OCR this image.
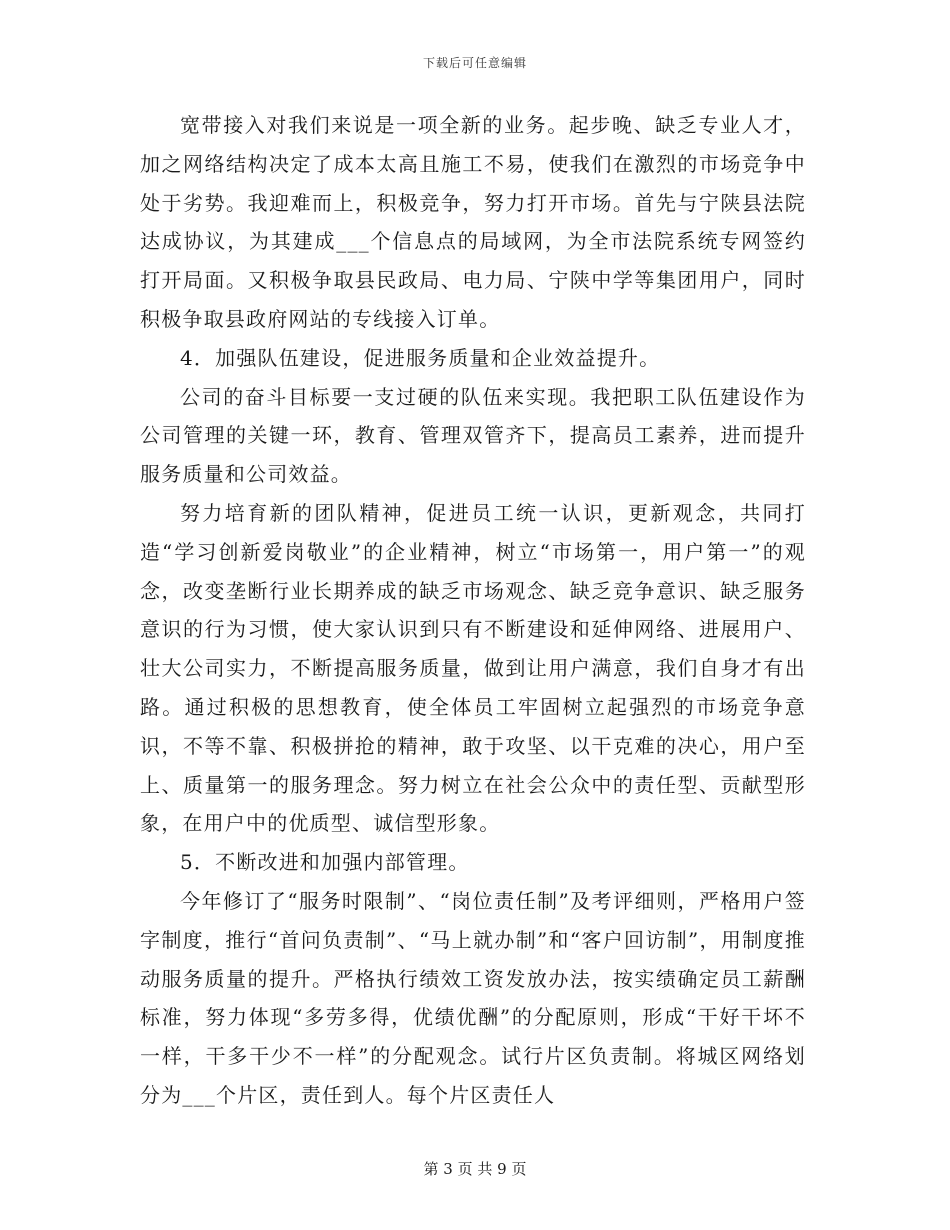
下载后可任意编辑

宽带接入对我们来说是一项全新的业务。起步晚、缺乏专业人才，加之网络结构决定了成本太高且施工不易，使我们在激烈的市场竞争中处于劣势。我迎难而上，积极竞争，努力打开市场。首先与宁陕县法院达成协议，为其建成___个信息点的局域网，为全市法院系统专网签约打开局面。又积极争取县民政局、电力局、宁陕中学等集团用户，同时积极争取县政府网站的专线接入订单。

4．加强队伍建设，促进服务质量和企业效益提升。

公司的奋斗目标要一支过硬的队伍来实现。我把职工队伍建设作为公司管理的关键一环，教育、管理双管齐下，提高员工素养，进而提升服务质量和公司效益。

努力培育新的团队精神，促进员工统一认识，更新观念，共同打造“学习创新爱岗敬业”的企业精神，树立“市场第一，用户第一”的观念，改变垄断行业长期养成的缺乏市场观念、缺乏竞争意识、缺乏服务意识的行为习惯，使大家认识到只有不断建设和延伸网络、进展用户、壮大公司实力，不断提高服务质量，做到让用户满意，我们自身才有出路。通过积极的思想教育，使全体员工牢固树立起强烈的市场竞争意识，不等不靠、积极拼抢的精神，敢于攻坚、以干克难的决心，用户至上、质量第一的服务理念。努力树立在社会公众中的责任型、贡献型形象，在用户中的优质型、诚信型形象。

5．不断改进和加强内部管理。

今年修订了“服务时限制”、“岗位责任制”及考评细则，严格用户签字制度，推行“首问负责制”、“马上就办制”和“客户回访制”，用制度推动服务质量的提升。严格执行绩效工资发放办法，按实绩确定员工薪酬标准，努力体现“多劳多得，优绩优酬”的分配原则，形成“干好干坏不一样，干多干少不一样”的分配观念。试行片区负责制。将城区网络划分为___个片区，责任到人。每个片区责任人

第 3 页 共 9 页
